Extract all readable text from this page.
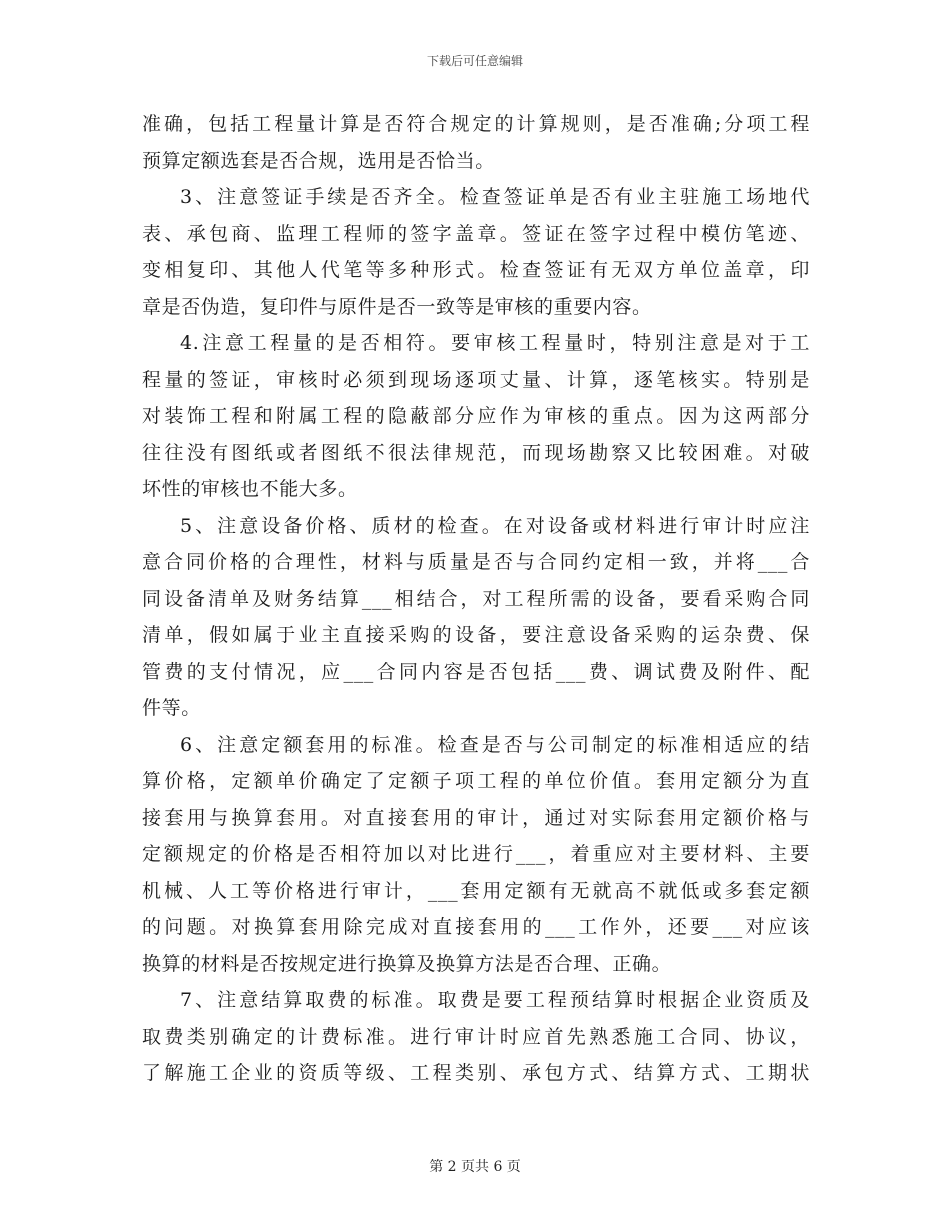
下载后可任意编辑
准确，包括工程量计算是否符合规定的计算规则，是否准确;分项工程
预算定额选套是否合规，选用是否恰当。
3、注意签证手续是否齐全。检查签证单是否有业主驻施工场地代
表、承包商、监理工程师的签字盖章。签证在签字过程中模仿笔迹、
变相复印、其他人代笔等多种形式。检查签证有无双方单位盖章，印
章是否伪造，复印件与原件是否一致等是审核的重要内容。
4.注意工程量的是否相符。要审核工程量时，特别注意是对于工
程量的签证，审核时必须到现场逐项丈量、计算，逐笔核实。特别是
对装饰工程和附属工程的隐蔽部分应作为审核的重点。因为这两部分
往往没有图纸或者图纸不很法律规范，而现场勘察又比较困难。对破
坏性的审核也不能大多。
5、注意设备价格、质材的检查。在对设备或材料进行审计时应注
意合同价格的合理性，材料与质量是否与合同约定相一致，并将___合
同设备清单及财务结算___相结合，对工程所需的设备，要看采购合同
清单，假如属于业主直接采购的设备，要注意设备采购的运杂费、保
管费的支付情况，应___合同内容是否包括___费、调试费及附件、配
件等。
6、注意定额套用的标准。检查是否与公司制定的标准相适应的结
算价格，定额单价确定了定额子项工程的单位价值。套用定额分为直
接套用与换算套用。对直接套用的审计，通过对实际套用定额价格与
定额规定的价格是否相符加以对比进行___，着重应对主要材料、主要
机械、人工等价格进行审计，___套用定额有无就高不就低或多套定额
的问题。对换算套用除完成对直接套用的___工作外，还要___对应该
换算的材料是否按规定进行换算及换算方法是否合理、正确。
7、注意结算取费的标准。取费是要工程预结算时根据企业资质及
取费类别确定的计费标准。进行审计时应首先熟悉施工合同、协议，
了解施工企业的资质等级、工程类别、承包方式、结算方式、工期状
第 2 页共 6 页
